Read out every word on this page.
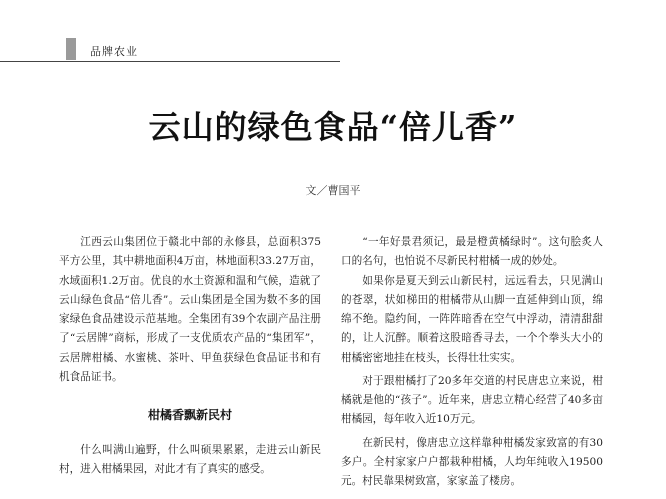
品牌农业
云山的绿色食品“倍儿香”
文／曹国平

江西云山集团位于赣北中部的永修县，总面积375平方公里，其中耕地面积4万亩，林地面积33.27万亩，水域面积1.2万亩。优良的水土资源和温和气候，造就了云山绿色食品“倍儿香”。云山集团是全国为数不多的国家绿色食品建设示范基地。全集团有39个农副产品注册了“云居牌”商标，形成了一支优质农产品的“集团军”，云居牌柑橘、水蜜桃、茶叶、甲鱼获绿色食品证书和有机食品证书。

柑橘香飘新民村

什么叫满山遍野，什么叫硕果累累，走进云山新民村，进入柑橘果园，对此才有了真实的感受。

“一年好景君须记，最是橙黄橘绿时”。这句脍炙人口的名句，也怕说不尽新民村柑橘一成的妙处。

如果你是夏天到云山新民村，远远看去，只见满山的苍翠，状如梯田的柑橘带从山脚一直延伸到山顶，绵绵不绝。隐约间，一阵阵暗香在空气中浮动，清清甜甜的，让人沉醉。顺着这股暗香寻去，一个个拳头大小的柑橘密密地挂在枝头，长得壮壮实实。

对于跟柑橘打了20多年交道的村民唐忠立来说，柑橘就是他的“孩子”。近年来，唐忠立精心经营了40多亩柑橘园，每年收入近10万元。

在新民村，像唐忠立这样靠种柑橘发家致富的有30多户。全村家家户户都栽种柑橘，人均年纯收入19500元。村民靠果树致富，家家盖了楼房。
